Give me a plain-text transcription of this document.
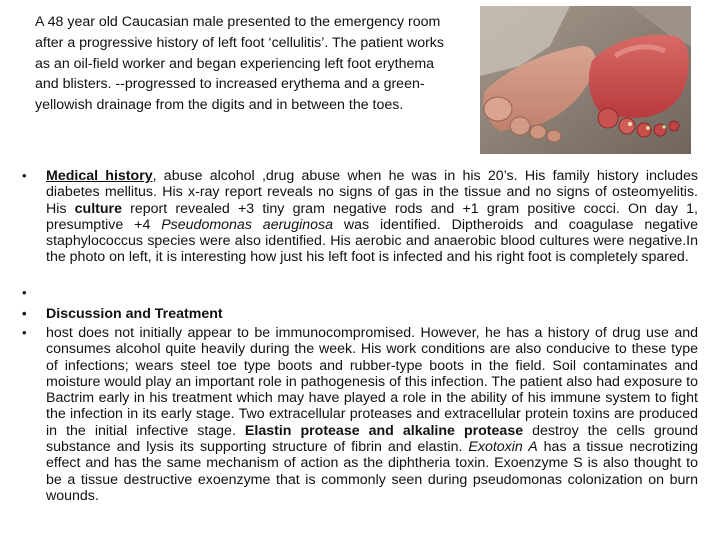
A 48 year old Caucasian male presented to the emergency room after a progressive history of left foot ‘cellulitis’. The patient works as an oil-field worker and began experiencing left foot erythema and blisters. --progressed to increased erythema and a green-yellowish drainage from the digits and in between the toes.

• Medical history, abuse alcohol ,drug abuse when he was in his 20’s. His family history includes diabetes mellitus. His x-ray report reveals no signs of gas in the tissue and no signs of osteomyelitis. His culture report revealed +3 tiny gram negative rods and +1 gram positive cocci. On day 1, presumptive +4 Pseudomonas aeruginosa was identified. Diptheroids and coagulase negative staphylococcus species were also identified. His aerobic and anaerobic blood cultures were negative.In the photo on left, it is interesting how just his left foot is infected and his right foot is completely spared.
•
• Discussion and Treatment
• host does not initially appear to be immunocompromised. However, he has a history of drug use and consumes alcohol quite heavily during the week. His work conditions are also conducive to these type of infections; wears steel toe type boots and rubber-type boots in the field. Soil contaminates and moisture would play an important role in pathogenesis of this infection. The patient also had exposure to Bactrim early in his treatment which may have played a role in the ability of his immune system to fight the infection in its early stage. Two extracellular proteases and extracellular protein toxins are produced in the initial infective stage. Elastin protease and alkaline protease destroy the cells ground substance and lysis its supporting structure of fibrin and elastin. Exotoxin A has a tissue necrotizing effect and has the same mechanism of action as the diphtheria toxin. Exoenzyme S is also thought to be a tissue destructive exoenzyme that is commonly seen during pseudomonas colonization on burn wounds.
